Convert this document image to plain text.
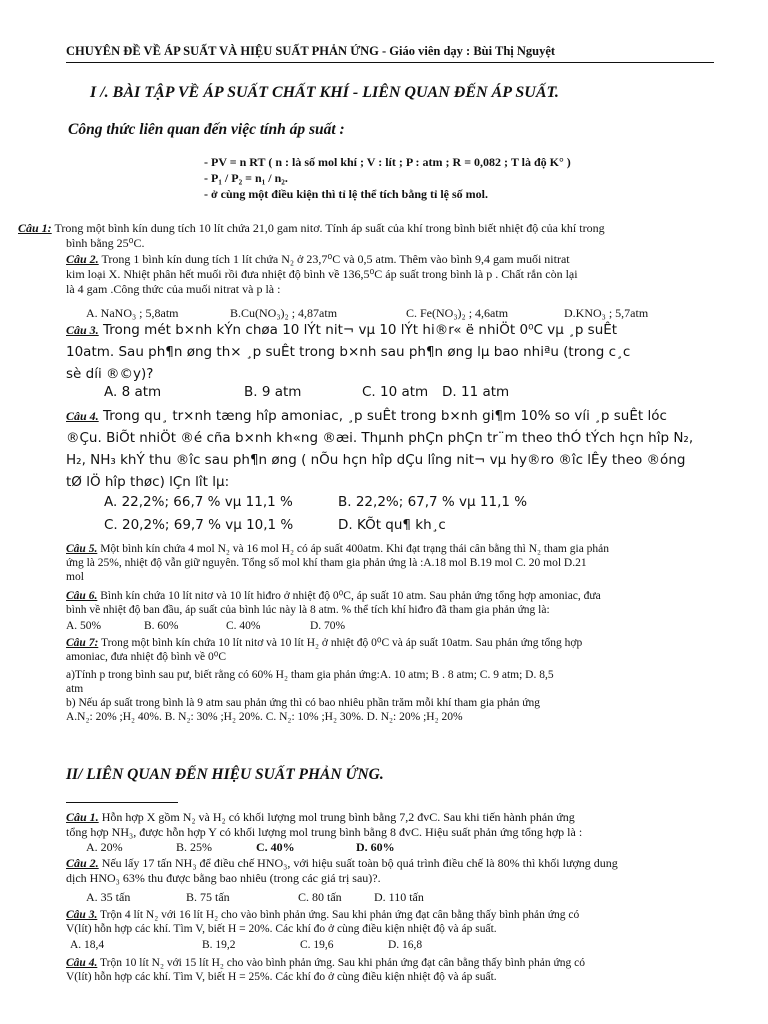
CHUYÊN ĐỀ VỀ ÁP SUẤT VÀ HIỆU SUẤT PHẢN ỨNG - Giáo viên dạy : Bùi Thị Nguyệt
I /. BÀI TẬP VỀ ÁP SUẤT CHẤT KHÍ - LIÊN QUAN ĐẾN ÁP SUẤT.
Công thức liên quan đến việc tính áp suất :
- PV = n RT ( n : là số mol khí ; V : lít ; P : atm ; R = 0,082 ; T là độ K° )
- P₁ / P₂ = n₁ / n₂.
- ở cùng một điều kiện thì tỉ lệ thể tích bằng tỉ lệ số mol.
Câu 1: Trong một bình kín dung tích 10 lít chứa 21,0 gam nitơ. Tính áp suất của khí trong bình biết nhiệt độ của khí trong
bình bằng 25⁰C.
Câu 2. Trong 1 bình kín dung tích 1 lít chứa N₂ ở 23,7⁰C và 0,5 atm. Thêm vào bình 9,4 gam muối nitrat
kim loại X. Nhiệt phân hết muối rồi đưa nhiệt độ bình về 136,5⁰C áp suất trong bình là p . Chất rắn còn lại
là 4 gam .Công thức của muối nitrat và p là :
A. NaNO₃ ; 5,8atm	B.Cu(NO₃)₂ ; 4,87atm	C. Fe(NO₃)₂ ; 4,6atm	D.KNO₃ ; 5,7atm
Câu 3. Trong mét b×nh kÝn chøa 10 lÝt nit¬ vµ 10 lÝt hi®r« ë nhiÖt 0⁰C vµ ¸p suÊt
10atm. Sau ph¶n øng th× ¸p suÊt trong b×nh sau ph¶n øng lµ bao nhiªu (trong c¸c
sè díi ®©y)?
A. 8 atm	B. 9 atm	C. 10 atm D. 11 atm
Câu 4. Trong qu¸ tr×nh tæng hîp amoniac, ¸p suÊt trong b×nh gi¶m 10% so víi ¸p suÊt lóc
®Çu. BiÕt nhiÖt ®é cña b×nh kh«ng ®æi. Thµnh phÇn phÇn tr¨m theo thÓ tÝch hçn hîp N₂,
H₂, NH₃ khÝ thu ®îc sau ph¶n øng ( nÕu hçn hîp dÇu lîng nit¬ vµ hy®ro ®îc lÊy theo ®óng
tØ lÖ hîp thøc) lÇn lît lµ:
A. 22,2%; 66,7 % vµ 11,1 %	B. 22,2%; 67,7 % vµ 11,1 %
C. 20,2%; 69,7 % vµ 10,1 %	D. KÕt qu¶ kh¸c
Câu 5. Một bình kín chứa 4 mol N₂ và 16 mol H₂ có áp suất 400atm. Khi đạt trạng thái cân bằng thì N₂ tham gia phản
ứng là 25%, nhiệt độ vẫn giữ nguyên. Tổng số mol khí tham gia phản ứng là :A.18 mol B.19 mol C. 20 mol D.21
mol
Câu 6. Bình kín chứa 10 lít nitơ và 10 lít hiđro ở nhiệt độ 0⁰C, áp suất 10 atm. Sau phản ứng tổng hợp amoniac, đưa
bình về nhiệt độ ban đầu, áp suất của bình lúc này là 8 atm. % thể tích khí hiđro đã tham gia phản ứng là:
A. 50%	B. 60%	C. 40%	D. 70%
Câu 7: Trong một bình kín chứa 10 lít nitơ và 10 lít H₂ ở nhiệt độ 0⁰C và áp suất 10atm. Sau phản ứng tổng hợp
amoniac, đưa nhiệt độ bình về 0⁰C
a)Tính p trong bình sau pư, biết rằng có 60% H₂ tham gia phản ứng:A. 10 atm; B . 8 atm; C. 9 atm; D. 8,5
atm
b) Nếu áp suất trong bình là 9 atm sau phản ứng thì có bao nhiêu phần trăm mỗi khí tham gia phản ứng
A.N₂: 20% ;H₂ 40%. B. N₂: 30% ;H₂ 20%. C. N₂: 10% ;H₂ 30%. D. N₂: 20% ;H₂ 20%
II/ LIÊN QUAN ĐẾN HIỆU SUẤT PHẢN ỨNG.
Câu 1. Hỗn hợp X gồm N₂ và H₂ có khối lượng mol trung bình bằng 7,2 đvC. Sau khi tiến hành phản ứng
tổng hợp NH₃, được hỗn hợp Y có khối lượng mol trung bình bằng 8 đvC. Hiệu suất phản ứng tổng hợp là :
A. 20%	B. 25%	C. 40%	D. 60%
Câu 2. Nếu lấy 17 tấn NH₃ để điều chế HNO₃, với hiệu suất toàn bộ quá trình điều chế là 80% thì khối lượng dung
dịch HNO₃ 63% thu được bằng bao nhiêu (trong các giá trị sau)?.
A. 35 tấn	B. 75 tấn	C. 80 tấn	D. 110 tấn
Câu 3. Trộn 4 lít N₂ với 16 lít H₂ cho vào bình phản ứng. Sau khi phản ứng đạt cân bằng thấy bình phản ứng có
V(lít) hỗn hợp các khí. Tìm V, biết H = 20%. Các khí đo ở cùng điều kiện nhiệt độ và áp suất.
A. 18,4	B. 19,2	C. 19,6	D. 16,8
Câu 4. Trộn 10 lít N₂ với 15 lít H₂ cho vào bình phản ứng. Sau khi phản ứng đạt cân bằng thấy bình phản ứng có
V(lít) hỗn hợp các khí. Tìm V, biết H = 25%. Các khí đo ở cùng điều kiện nhiệt độ và áp suất.
